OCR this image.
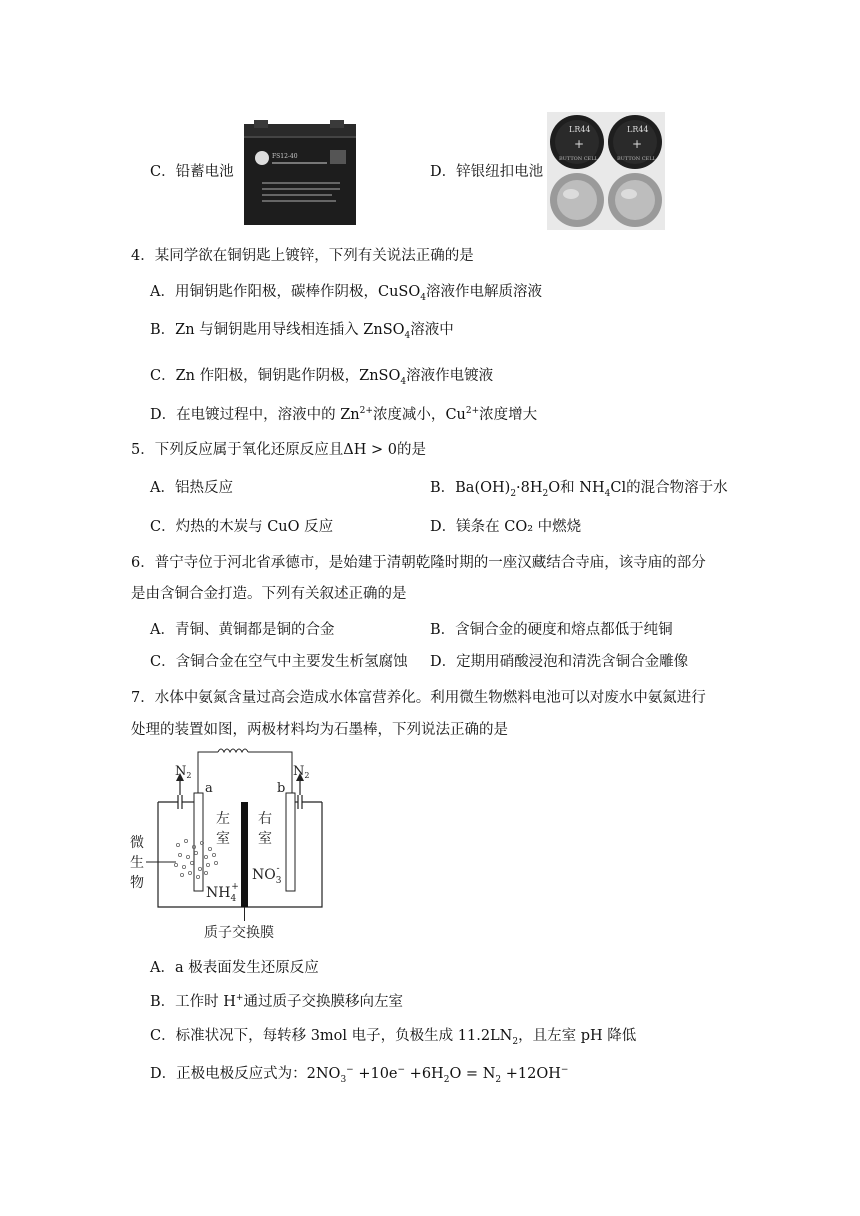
C．铅蓄电池
FS12-40
D．锌银纽扣电池
LR44	LR44
+	+
BUTTON CELL	BUTTON CELL
4．某同学欲在铜钥匙上镀锌，下列有关说法正确的是
A．用铜钥匙作阳极，碳棒作阴极，CuSO$_4$溶液作电解质溶液
B．Zn 与铜钥匙用导线相连插入 ZnSO$_4$溶液中
C．Zn 作阳极，铜钥匙作阴极，ZnSO$_4$溶液作电镀液
D．在电镀过程中，溶液中的 $Zn^{2+}$浓度减小，$Cu^{2+}$浓度增大
5．下列反应属于氧化还原反应且ΔH > 0的是
A．铝热反应	B．$Ba(OH)_2\cdot 8H_2O$和 $NH_4Cl$的混合物溶于水
C．灼热的木炭与 CuO 反应	D．镁条在 CO₂ 中燃烧
6．普宁寺位于河北省承德市，是始建于清朝乾隆时期的一座汉藏结合寺庙，该寺庙的部分
是由含铜合金打造。下列有关叙述正确的是
A．青铜、黄铜都是铜的合金	B．含铜合金的硬度和熔点都低于纯铜
C．含铜合金在空气中主要发生析氢腐蚀 D．定期用硝酸浸泡和清洗含铜合金雕像
7．水体中氨氮含量过高会造成水体富营养化。利用微生物燃料电池可以对废水中氨氮进行
处理的装置如图，两极材料均为石墨棒，下列说法正确的是
$N_2$	$N_2$
a	b
质子交换膜
左
室
右
室
微
生
物
$NH_4+$
$NO_3-$
A．a 极表面发生还原反应
B．工作时 H+通过质子交换膜移向左室
C．标准状况下，每转移 3mol 电子，负极生成 $11.2LN_2$，且左室 pH 降低
D．正极电极反应式为：$2NO_3^- +10e^- +6H_2O = N_2 +12OH^-$
